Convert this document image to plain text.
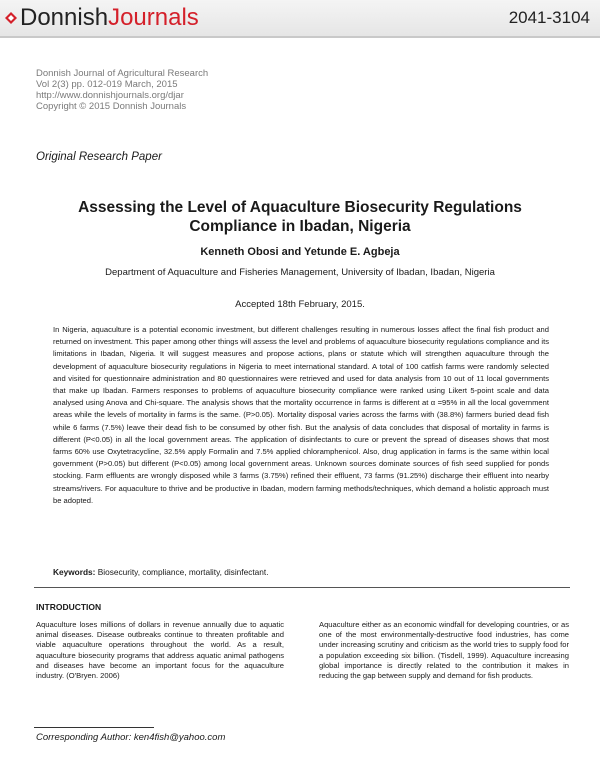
Donnish Journals	2041-3104
Donnish Journal of Agricultural Research
Vol 2(3) pp. 012-019 March, 2015
http://www.donnishjournals.org/djar
Copyright © 2015 Donnish Journals
Original Research Paper
Assessing the Level of Aquaculture Biosecurity Regulations Compliance in Ibadan, Nigeria
Kenneth Obosi and Yetunde E. Agbeja
Department of Aquaculture and Fisheries Management, University of Ibadan, Ibadan, Nigeria
Accepted 18th February, 2015.
In Nigeria, aquaculture is a potential economic investment, but different challenges resulting in numerous losses affect the final fish product and returned on investment. This paper among other things will assess the level and problems of aquaculture biosecurity regulations compliance and its limitations in Ibadan, Nigeria. It will suggest measures and propose actions, plans or statute which will strengthen aquaculture through the development of aquaculture biosecurity regulations in Nigeria to meet international standard. A total of 100 catfish farms were randomly selected and visited for questionnaire administration and 80 questionnaires were retrieved and used for data analysis from 10 out of 11 local governments that make up Ibadan. Farmers responses to problems of aquaculture biosecurity compliance were ranked using Likert 5-point scale and data analysed using Anova and Chi-square. The analysis shows that the mortality occurrence in farms is different at α =95% in all the local government areas while the levels of mortality in farms is the same. (P>0.05). Mortality disposal varies across the farms with (38.8%) farmers buried dead fish while 6 farms (7.5%) leave their dead fish to be consumed by other fish. But the analysis of data concludes that disposal of mortality in farms is different (P<0.05) in all the local government areas. The application of disinfectants to cure or prevent the spread of diseases shows that most farms 60% use Oxytetracycline, 32.5% apply Formalin and 7.5% applied chloramphenicol. Also, drug application in farms is the same within local government (P>0.05) but different (P<0.05) among local government areas. Unknown sources dominate sources of fish seed supplied for ponds stocking. Farm effluents are wrongly disposed while 3 farms (3.75%) refined their effluent, 73 farms (91.25%) discharge their effluent into nearby streams/rivers. For aquaculture to thrive and be productive in Ibadan, modern farming methods/techniques, which demand a holistic approach must be adopted.
Keywords: Biosecurity, compliance, mortality, disinfectant.
INTRODUCTION
Aquaculture loses millions of dollars in revenue annually due to aquatic animal diseases. Disease outbreaks continue to threaten profitable and viable aquaculture operations throughout the world. As a result, aquaculture biosecurity programs that address aquatic animal pathogens and diseases have become an important focus for the aquaculture industry. (O'Bryen. 2006)
Aquaculture either as an economic windfall for developing countries, or as one of the most environmentally-destructive food industries, has come under increasing scrutiny and criticism as the world tries to supply food for a population exceeding six billion. (Tisdell, 1999). Aquaculture increasing global importance is directly related to the contribution it makes in reducing the gap between supply and demand for fish products.
Corresponding Author: ken4fish@yahoo.com
